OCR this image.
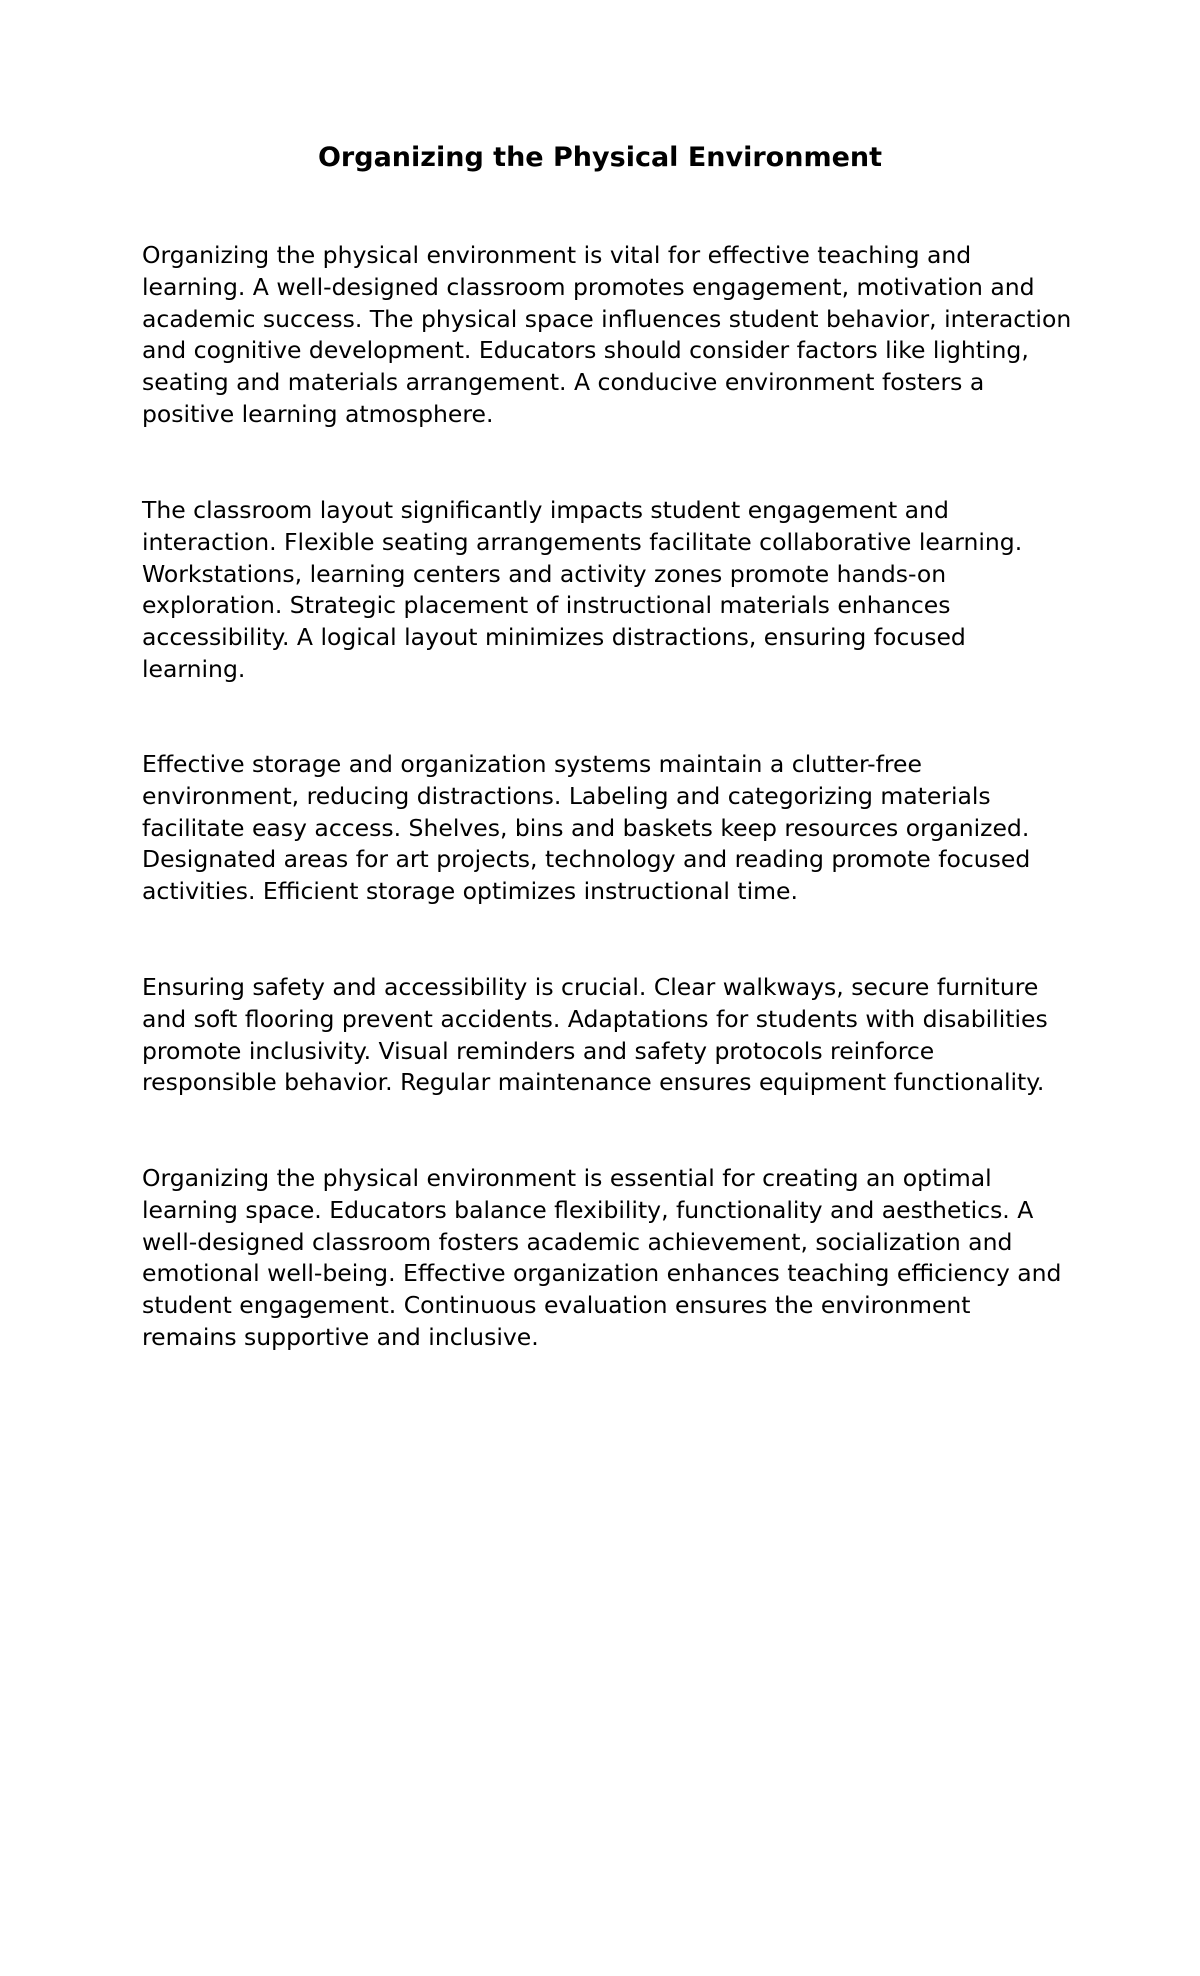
Organizing the Physical Environment

Organizing the physical environment is vital for effective teaching and learning. A well-designed classroom promotes engagement, motivation and academic success. The physical space influences student behavior, interaction and cognitive development. Educators should consider factors like lighting, seating and materials arrangement. A conducive environment fosters a positive learning atmosphere.

The classroom layout significantly impacts student engagement and interaction. Flexible seating arrangements facilitate collaborative learning. Workstations, learning centers and activity zones promote hands-on exploration. Strategic placement of instructional materials enhances accessibility. A logical layout minimizes distractions, ensuring focused learning.

Effective storage and organization systems maintain a clutter-free environment, reducing distractions. Labeling and categorizing materials facilitate easy access. Shelves, bins and baskets keep resources organized. Designated areas for art projects, technology and reading promote focused activities. Efficient storage optimizes instructional time.

Ensuring safety and accessibility is crucial. Clear walkways, secure furniture and soft flooring prevent accidents. Adaptations for students with disabilities promote inclusivity. Visual reminders and safety protocols reinforce responsible behavior. Regular maintenance ensures equipment functionality.

Organizing the physical environment is essential for creating an optimal learning space. Educators balance flexibility, functionality and aesthetics. A well-designed classroom fosters academic achievement, socialization and emotional well-being. Effective organization enhances teaching efficiency and student engagement. Continuous evaluation ensures the environment remains supportive and inclusive.
